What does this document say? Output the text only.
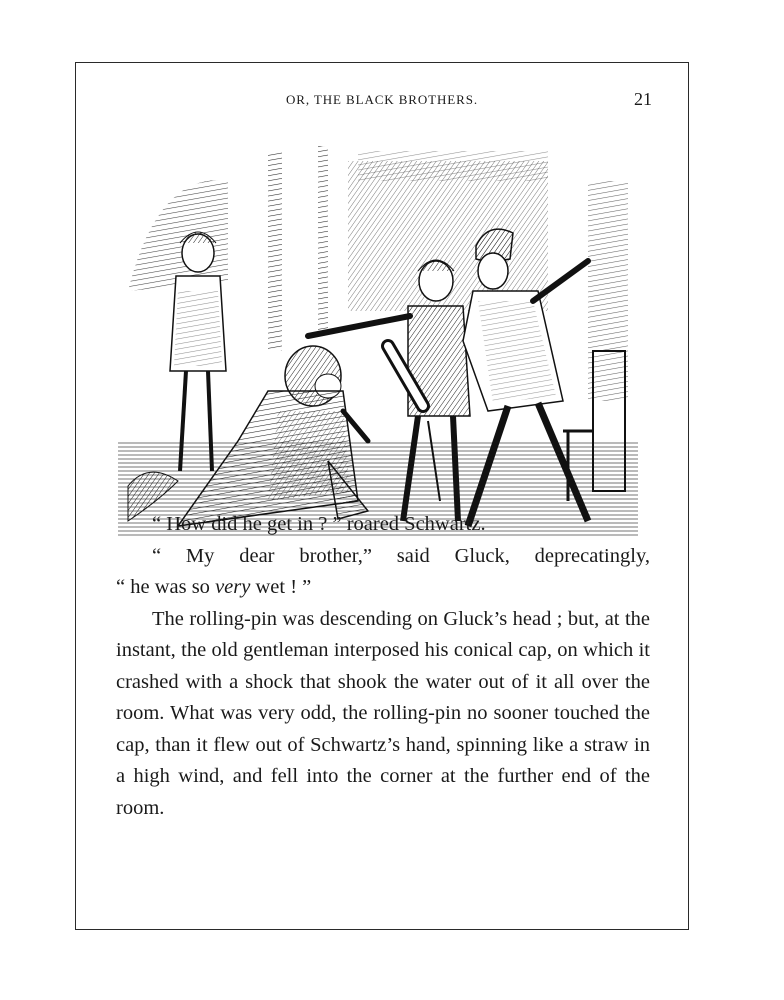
OR, THE BLACK BROTHERS.	21

“ How did he get in ? ” roared Schwartz.

“ My dear brother,” said Gluck, deprecatingly,

“ he was so very wet ! ”

The rolling-pin was descending on Gluck’s head ; but, at the instant, the old gentleman interposed his conical cap, on which it crashed with a shock that shook the water out of it all over the room. What was very odd, the rolling-pin no sooner touched the cap, than it flew out of Schwartz’s hand, spinning like a straw in a high wind, and fell into the corner at the further end of the room.
